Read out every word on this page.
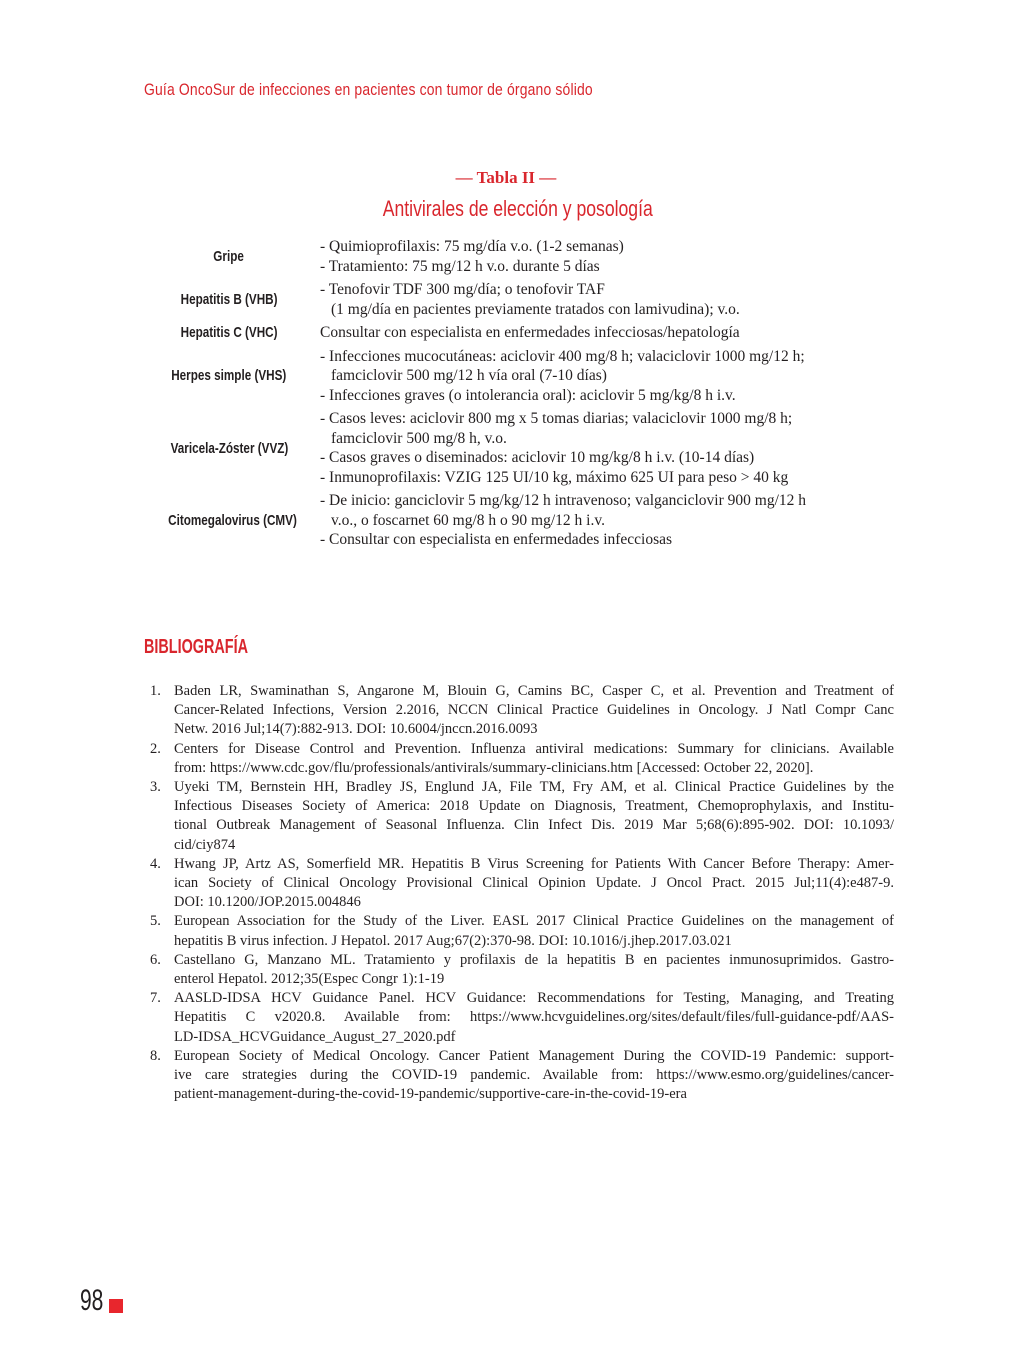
Guía OncoSur de infecciones en pacientes con tumor de órgano sólido
— Tabla II —
Antivirales de elección y posología
Gripe
- Quimioprofilaxis: 75 mg/día v.o. (1-2 semanas)
- Tratamiento: 75 mg/12 h v.o. durante 5 días
Hepatitis B (VHB)
- Tenofovir TDF 300 mg/día; o tenofovir TAF
(1 mg/día en pacientes previamente tratados con lamivudina); v.o.
Hepatitis C (VHC)	Consultar con especialista en enfermedades infecciosas/hepatología
Herpes simple (VHS)
- Infecciones mucocutáneas: aciclovir 400 mg/8 h; valaciclovir 1000 mg/12 h;
famciclovir 500 mg/12 h vía oral (7-10 días)
- Infecciones graves (o intolerancia oral): aciclovir 5 mg/kg/8 h i.v.
Varicela-Zóster (VVZ)
- Casos leves: aciclovir 800 mg x 5 tomas diarias; valaciclovir 1000 mg/8 h;
famciclovir 500 mg/8 h, v.o.
- Casos graves o diseminados: aciclovir 10 mg/kg/8 h i.v. (10-14 días)
- Inmunoprofilaxis: VZIG 125 UI/10 kg, máximo 625 UI para peso > 40 kg
Citomegalovirus (CMV)
- De inicio: ganciclovir 5 mg/kg/12 h intravenoso; valganciclovir 900 mg/12 h
v.o., o foscarnet 60 mg/8 h o 90 mg/12 h i.v.
- Consultar con especialista en enfermedades infecciosas
BIBLIOGRAFÍA
1. Baden LR, Swaminathan S, Angarone M, Blouin G, Camins BC, Casper C, et al. Prevention and Treatment of
Cancer-Related Infections, Version 2.2016, NCCN Clinical Practice Guidelines in Oncology. J Natl Compr Canc
Netw. 2016 Jul;14(7):882-913. DOI: 10.6004/jnccn.2016.0093
2. Centers for Disease Control and Prevention. Influenza antiviral medications: Summary for clinicians. Available
from: https://www.cdc.gov/flu/professionals/antivirals/summary-clinicians.htm [Accessed: October 22, 2020].
3. Uyeki TM, Bernstein HH, Bradley JS, Englund JA, File TM, Fry AM, et al. Clinical Practice Guidelines by the
Infectious Diseases Society of America: 2018 Update on Diagnosis, Treatment, Chemoprophylaxis, and Institu-
tional Outbreak Management of Seasonal Influenza. Clin Infect Dis. 2019 Mar 5;68(6):895-902. DOI: 10.1093/
cid/ciy874
4. Hwang JP, Artz AS, Somerfield MR. Hepatitis B Virus Screening for Patients With Cancer Before Therapy: Amer-
ican Society of Clinical Oncology Provisional Clinical Opinion Update. J Oncol Pract. 2015 Jul;11(4):e487-9.
DOI: 10.1200/JOP.2015.004846
5. European Association for the Study of the Liver. EASL 2017 Clinical Practice Guidelines on the management of
hepatitis B virus infection. J Hepatol. 2017 Aug;67(2):370-98. DOI: 10.1016/j.jhep.2017.03.021
6. Castellano G, Manzano ML. Tratamiento y profilaxis de la hepatitis B en pacientes inmunosuprimidos. Gastro-
enterol Hepatol. 2012;35(Espec Congr 1):1-19
7. AASLD-IDSA HCV Guidance Panel. HCV Guidance: Recommendations for Testing, Managing, and Treating
Hepatitis C v2020.8. Available from: https://www.hcvguidelines.org/sites/default/files/full-guidance-pdf/AAS-
LD-IDSA_HCVGuidance_August_27_2020.pdf
8. European Society of Medical Oncology. Cancer Patient Management During the COVID-19 Pandemic: support-
ive care strategies during the COVID-19 pandemic. Available from: https://www.esmo.org/guidelines/cancer-
patient-management-during-the-covid-19-pandemic/supportive-care-in-the-covid-19-era
98
